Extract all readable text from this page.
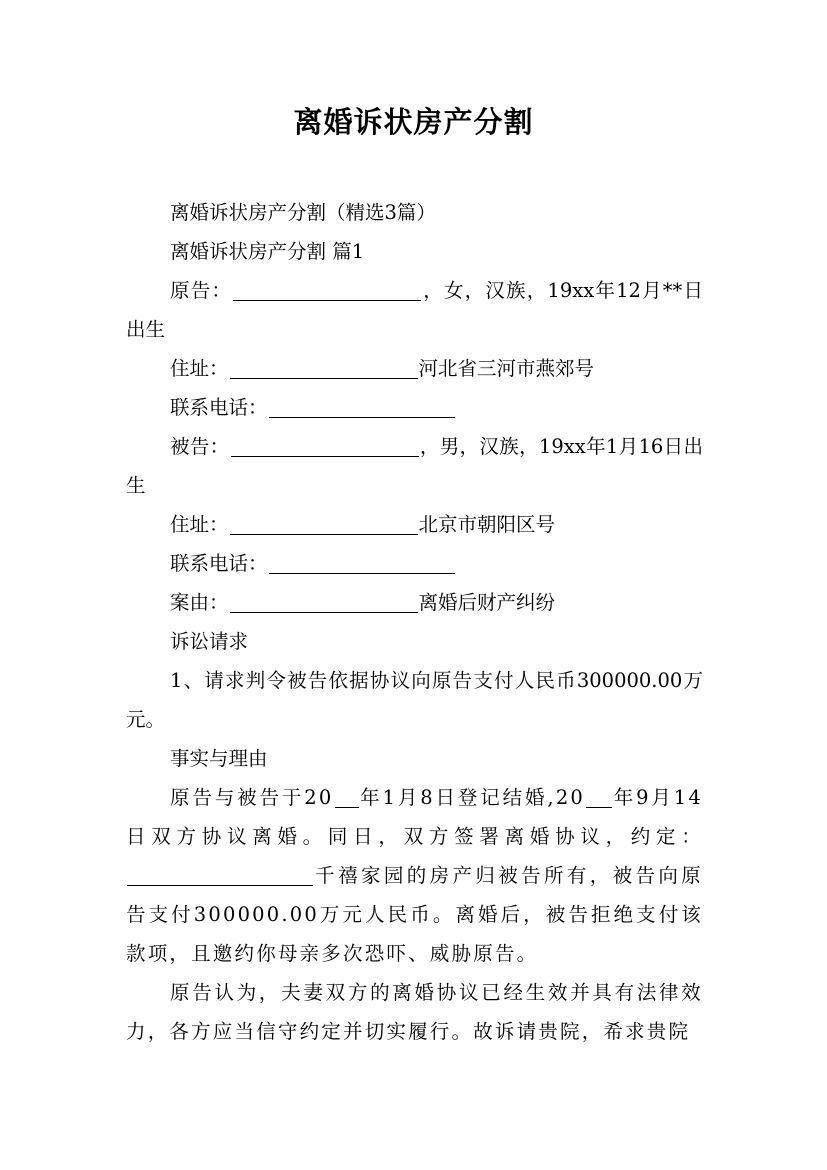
离婚诉状房产分割

离婚诉状房产分割（精选3篇）

离婚诉状房产分割 篇1

原告：	，女，汉族，19xx年12月**日出生

住址：	河北省三河市燕郊号

联系电话：

被告：	，男，汉族，19xx年1月16日出生

住址：	北京市朝阳区号

联系电话：

案由：	离婚后财产纠纷

诉讼请求

1、请求判令被告依据协议向原告支付人民币300000.00万元。

事实与理由

原告与被告于20 年1月8日登记结婚,20 年9月14日双方协议离婚。同日，双方签署离婚协议，约定：千禧家园的房产归被告所有，被告向原告支付300000.00万元人民币。离婚后，被告拒绝支付该款项，且邀约你母亲多次恐吓、威胁原告。

原告认为，夫妻双方的离婚协议已经生效并具有法律效力，各方应当信守约定并切实履行。故诉请贵院，希求贵院
